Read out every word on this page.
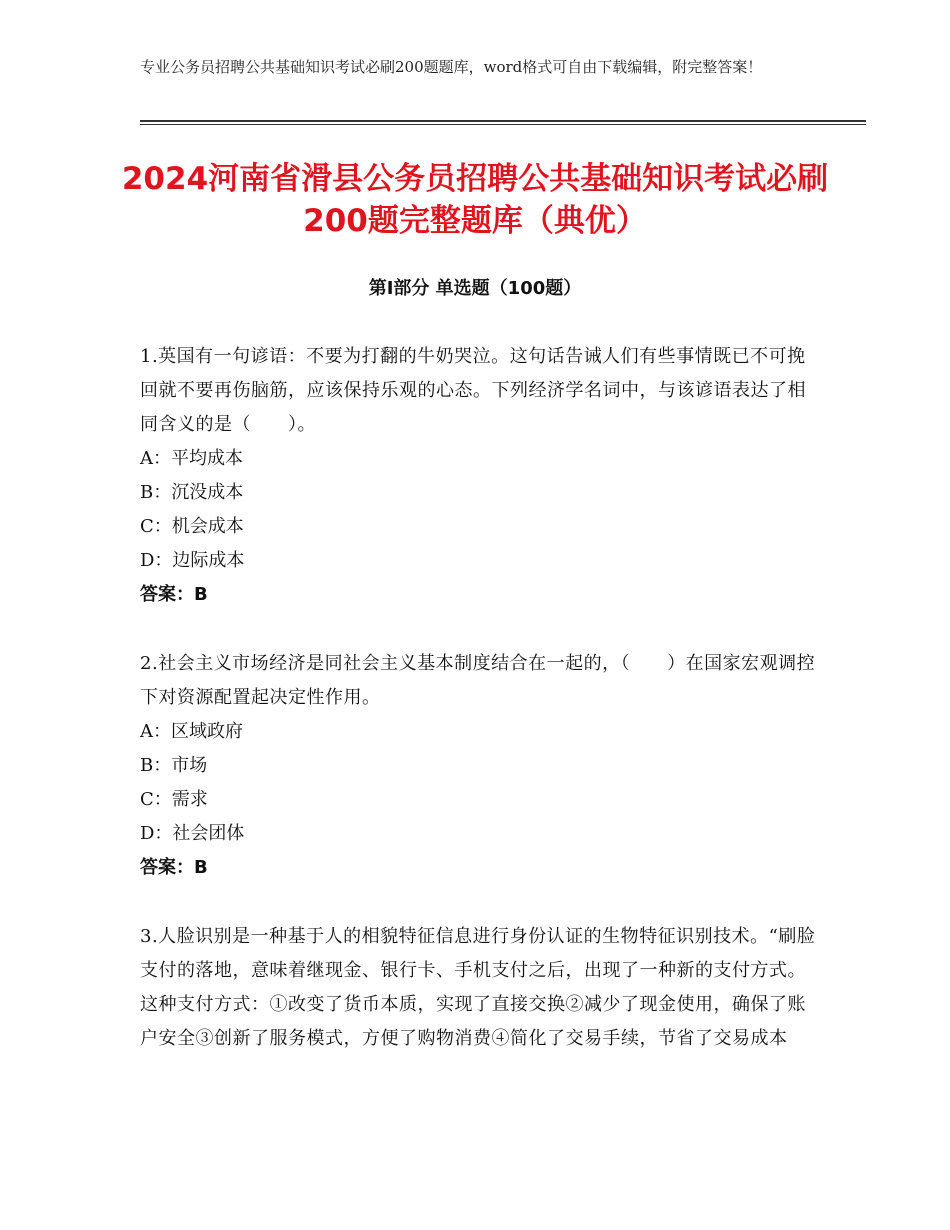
专业公务员招聘公共基础知识考试必刷200题题库，word格式可自由下载编辑，附完整答案！
2024河南省滑县公务员招聘公共基础知识考试必刷200题完整题库（典优）
第Ⅰ部分 单选题（100题）

1.英国有一句谚语：不要为打翻的牛奶哭泣。这句话告诫人们有些事情既已不可挽回就不要再伤脑筋，应该保持乐观的心态。下列经济学名词中，与该谚语表达了相同含义的是（　　）。

A：平均成本

B：沉没成本

C：机会成本

D：边际成本

答案：B

2.社会主义市场经济是同社会主义基本制度结合在一起的，（　　）在国家宏观调控下对资源配置起决定性作用。

A：区域政府

B：市场

C：需求

D：社会团体

答案：B

3.人脸识别是一种基于人的相貌特征信息进行身份认证的生物特征识别技术。“刷脸支付的落地，意味着继现金、银行卡、手机支付之后，出现了一种新的支付方式。这种支付方式：①改变了货币本质，实现了直接交换②减少了现金使用，确保了账户安全③创新了服务模式，方便了购物消费④简化了交易手续，节省了交易成本
